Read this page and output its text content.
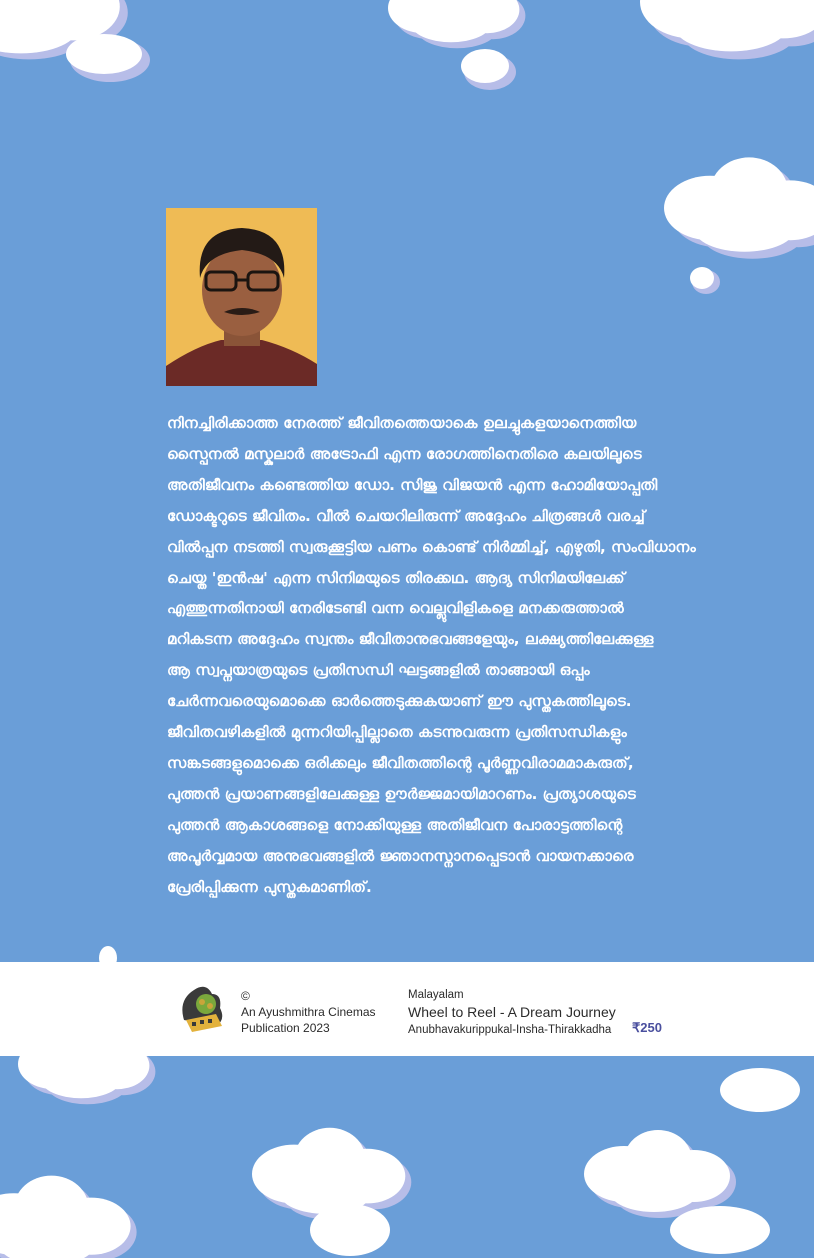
നിനച്ചിരിക്കാത്ത നേരത്ത് ജീവിതത്തെയാകെ ഉലച്ചുകളയാനെത്തിയ
സ്പൈനൽ മസ്കുലാർ അട്രോഫി എന്ന രോഗത്തിനെതിരെ കലയിലൂടെ
അതിജീവനം കണ്ടെത്തിയ ഡോ. സിജു വിജയൻ എന്ന ഹോമിയോപ്പതി
ഡോക്ടറുടെ ജീവിതം. വീൽ ചെയറിലിരുന്ന് അദ്ദേഹം ചിത്രങ്ങൾ വരച്ച്
വിൽപ്പന നടത്തി സ്വരുക്കൂട്ടിയ പണം കൊണ്ട് നിർമ്മിച്ച്, എഴുതി, സംവിധാനം
ചെയ്ത 'ഇൻഷ' എന്ന സിനിമയുടെ തിരക്കഥ. ആദ്യ സിനിമയിലേക്ക്
എത്തുന്നതിനായി നേരിടേണ്ടി വന്ന വെല്ലുവിളികളെ മനക്കരുത്താൽ
മറികടന്ന അദ്ദേഹം സ്വന്തം ജീവിതാനുഭവങ്ങളേയും, ലക്ഷ്യത്തിലേക്കുള്ള
ആ സ്വപ്നയാത്രയുടെ പ്രതിസന്ധി ഘട്ടങ്ങളിൽ താങ്ങായി ഒപ്പം
ചേർന്നവരെയുമൊക്കെ ഓർത്തെടുക്കുകയാണ് ഈ പുസ്തകത്തിലൂടെ.
ജീവിതവഴികളിൽ മുന്നറിയിപ്പില്ലാതെ കടന്നുവരുന്ന പ്രതിസന്ധികളും
സങ്കടങ്ങളുമൊക്കെ ഒരിക്കലും ജീവിതത്തിന്റെ പൂർണ്ണവിരാമമാകരുത്,
പുത്തൻ പ്രയാണങ്ങളിലേക്കുള്ള ഊർജ്ജമായിമാറണം. പ്രത്യാശയുടെ
പുത്തൻ ആകാശങ്ങളെ നോക്കിയുള്ള അതിജീവന പോരാട്ടത്തിന്റെ
അപൂർവ്വമായ അനുഭവങ്ങളിൽ ജ്ഞാനസ്നാനപ്പെടാൻ വായനക്കാരെ
പ്രേരിപ്പിക്കുന്ന പുസ്തകമാണിത്.
©
An Ayushmithra Cinemas
Publication 2023
Malayalam
Wheel to Reel - A Dream Journey
Anubhavakurippukal-Insha-Thirakkadha	₹250
